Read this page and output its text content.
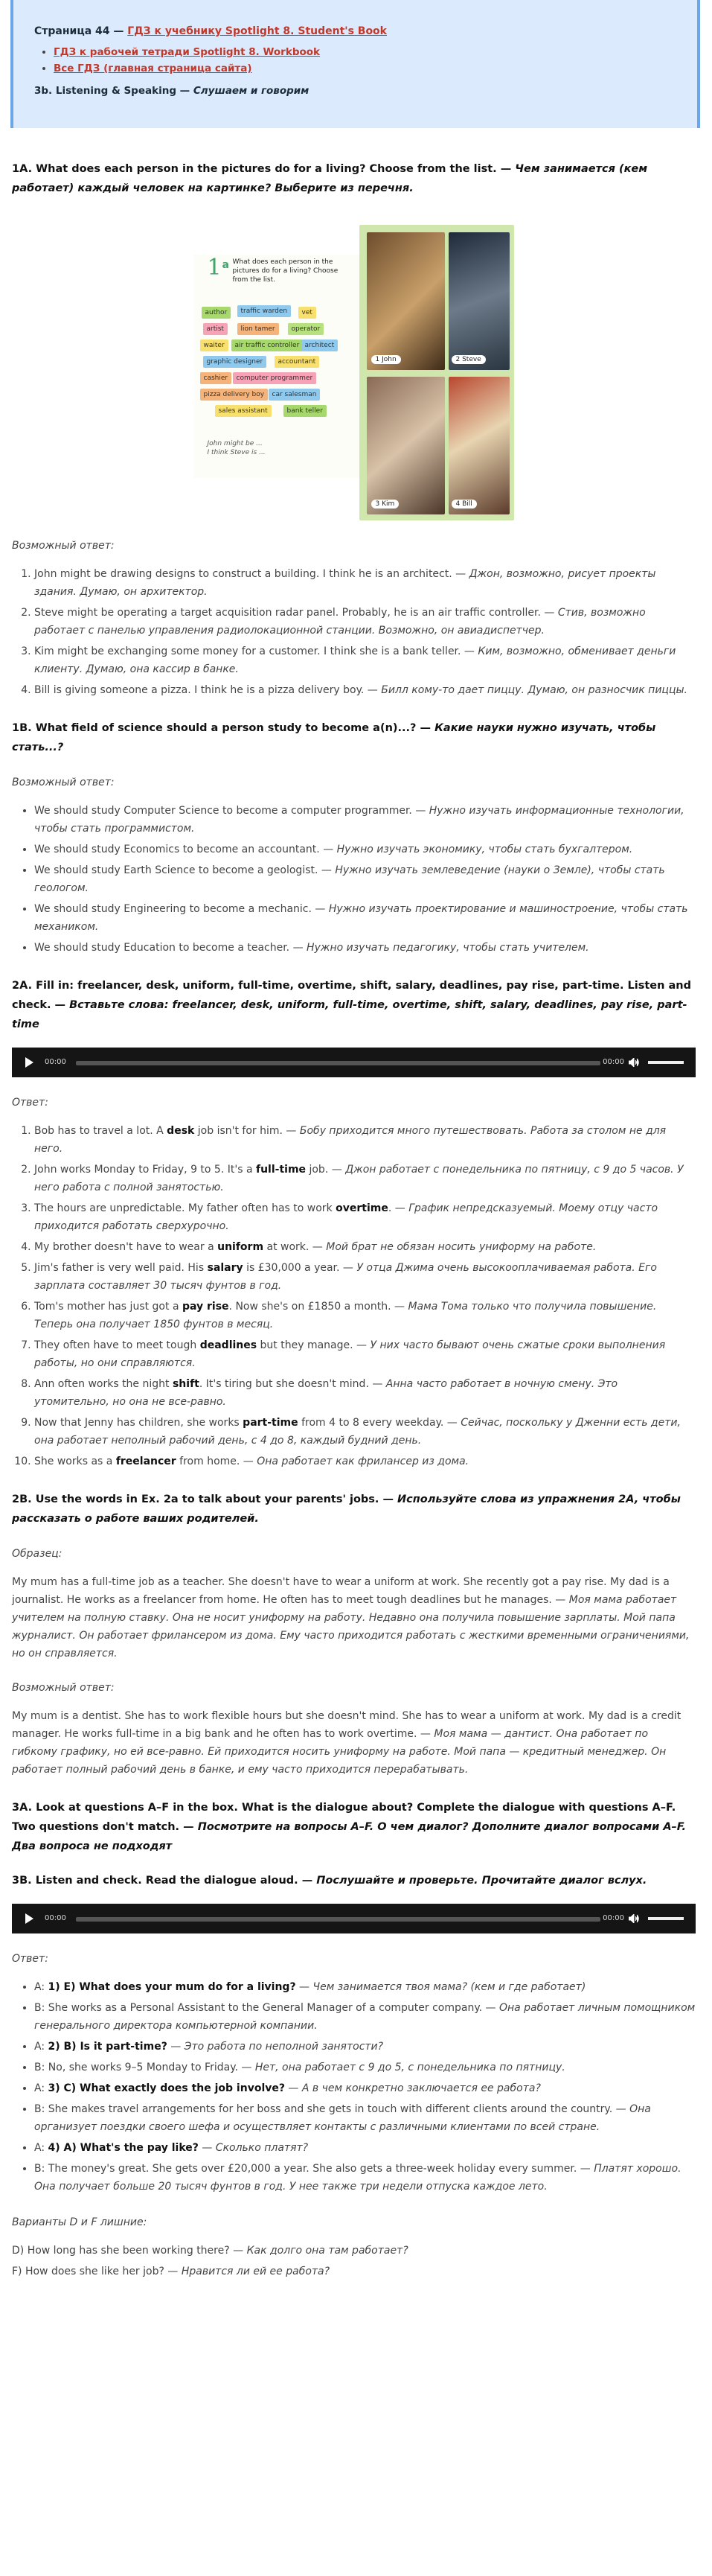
Страница 44 — ГДЗ к учебнику Spotlight 8. Student's Book
• ГДЗ к рабочей тетради Spotlight 8. Workbook
• Все ГДЗ (главная страница сайта)
3b. Listening & Speaking — Слушаем и говорим
1A. What does each person in the pictures do for a living? Choose from the list. — Чем занимается (кем работает) каждый человек на картинке? Выберите из перечня.
1 a What does each person in the pictures do for a living? Choose from the list.
author	traffic warden	vet
artist	lion tamer	operator
waiter	air traffic controller architect
graphic designer	accountant
cashier	computer programmer
pizza delivery boy	car salesman
sales assistant	bank teller
John might be ...
I think Steve is ...
1 John	2 Steve
3 Kim	4 Bill
Возможный ответ:
1. John might be drawing designs to construct a building. I think he is an architect. — Джон, возможно, рисует проекты здания. Думаю, он архитектор.
2. Steve might be operating a target acquisition radar panel. Probably, he is an air traffic controller. — Стив, возможно работает с панелью управления радиолокационной станции. Возможно, он авиадиспетчер.
3. Kim might be exchanging some money for a customer. I think she is a bank teller. — Ким, возможно, обменивает деньги клиенту. Думаю, она кассир в банке.
4. Bill is giving someone a pizza. I think he is a pizza delivery boy. — Билл кому-то дает пиццу. Думаю, он разносчик пиццы.
1B. What field of science should a person study to become a(n)...? — Какие науки нужно изучать, чтобы стать...?
Возможный ответ:
• We should study Computer Science to become a computer programmer. — Нужно изучать информационные технологии, чтобы стать программистом.
• We should study Economics to become an accountant. — Нужно изучать экономику, чтобы стать бухгалтером.
• We should study Earth Science to become a geologist. — Нужно изучать землеведение (науки о Земле), чтобы стать геологом.
• We should study Engineering to become a mechanic. — Нужно изучать проектирование и машиностроение, чтобы стать механиком.
• We should study Education to become a teacher. — Нужно изучать педагогику, чтобы стать учителем.
2A. Fill in: freelancer, desk, uniform, full-time, overtime, shift, salary, deadlines, pay rise, part-time. Listen and check. — Вставьте слова: freelancer, desk, uniform, full-time, overtime, shift, salary, deadlines, pay rise, part-time
00:00	00:00
Ответ:
1. Bob has to travel a lot. A desk job isn't for him. — Бобу приходится много путешествовать. Работа за столом не для него.
2. John works Monday to Friday, 9 to 5. It's a full-time job. — Джон работает с понедельника по пятницу, с 9 до 5 часов. У него работа с полной занятостью.
3. The hours are unpredictable. My father often has to work overtime. — График непредсказуемый. Моему отцу часто приходится работать сверхурочно.
4. My brother doesn't have to wear a uniform at work. — Мой брат не обязан носить униформу на работе.
5. Jim's father is very well paid. His salary is £30,000 a year. — У отца Джима очень высокооплачиваемая работа. Его зарплата составляет 30 тысяч фунтов в год.
6. Tom's mother has just got a pay rise. Now she's on £1850 a month. — Мама Тома только что получила повышение. Теперь она получает 1850 фунтов в месяц.
7. They often have to meet tough deadlines but they manage. — У них часто бывают очень сжатые сроки выполнения работы, но они справляются.
8. Ann often works the night shift. It's tiring but she doesn't mind. — Анна часто работает в ночную смену. Это утомительно, но она не все-равно.
9. Now that Jenny has children, she works part-time from 4 to 8 every weekday. — Сейчас, поскольку у Дженни есть дети, она работает неполный рабочий день, с 4 до 8, каждый будний день.
10. She works as a freelancer from home. — Она работает как фрилансер из дома.
2B. Use the words in Ex. 2a to talk about your parents' jobs. — Используйте слова из упражнения 2A, чтобы рассказать о работе ваших родителей.
Образец:

My mum has a full-time job as a teacher. She doesn't have to wear a uniform at work. She recently got a pay rise. My dad is a journalist. He works as a freelancer from home. He often has to meet tough deadlines but he manages. — Моя мама работает учителем на полную ставку. Она не носит униформу на работу. Недавно она получила повышение зарплаты. Мой папа журналист. Он работает фрилансером из дома. Ему часто приходится работать с жесткими временными ограничениями, но он справляется.

Возможный ответ:

My mum is a dentist. She has to work flexible hours but she doesn't mind. She has to wear a uniform at work. My dad is a credit manager. He works full-time in a big bank and he often has to work overtime. — Моя мама — дантист. Она работает по гибкому графику, но ей все-равно. Ей приходится носить униформу на работе. Мой папа — кредитный менеджер. Он работает полный рабочий день в банке, и ему часто приходится перерабатывать.

3A. Look at questions A–F in the box. What is the dialogue about? Complete the dialogue with questions A–F. Two questions don't match. — Посмотрите на вопросы A–F. О чем диалог? Дополните диалог вопросами A–F. Два вопроса не подходят
3B. Listen and check. Read the dialogue aloud. — Послушайте и проверьте. Прочитайте диалог вслух.
00:00	00:00
Ответ:
• A: 1) E) What does your mum do for a living? — Чем занимается твоя мама? (кем и где работает)
• B: She works as a Personal Assistant to the General Manager of a computer company. — Она работает личным помощником генерального директора компьютерной компании.
• A: 2) B) Is it part-time? — Это работа по неполной занятости?
• B: No, she works 9–5 Monday to Friday. — Нет, она работает с 9 до 5, с понедельника по пятницу.
• A: 3) C) What exactly does the job involve? — А в чем конкретно заключается ее работа?
• B: She makes travel arrangements for her boss and she gets in touch with different clients around the country. — Она организует поездки своего шефа и осуществляет контакты с различными клиентами по всей стране.
• A: 4) A) What's the pay like? — Сколько платят?
• B: The money's great. She gets over £20,000 a year. She also gets a three-week holiday every summer. — Платят хорошо. Она получает больше 20 тысяч фунтов в год. У нее также три недели отпуска каждое лето.
Варианты D и F лишние:
D) How long has she been working there? — Как долго она там работает?
F) How does she like her job? — Нравится ли ей ее работа?
